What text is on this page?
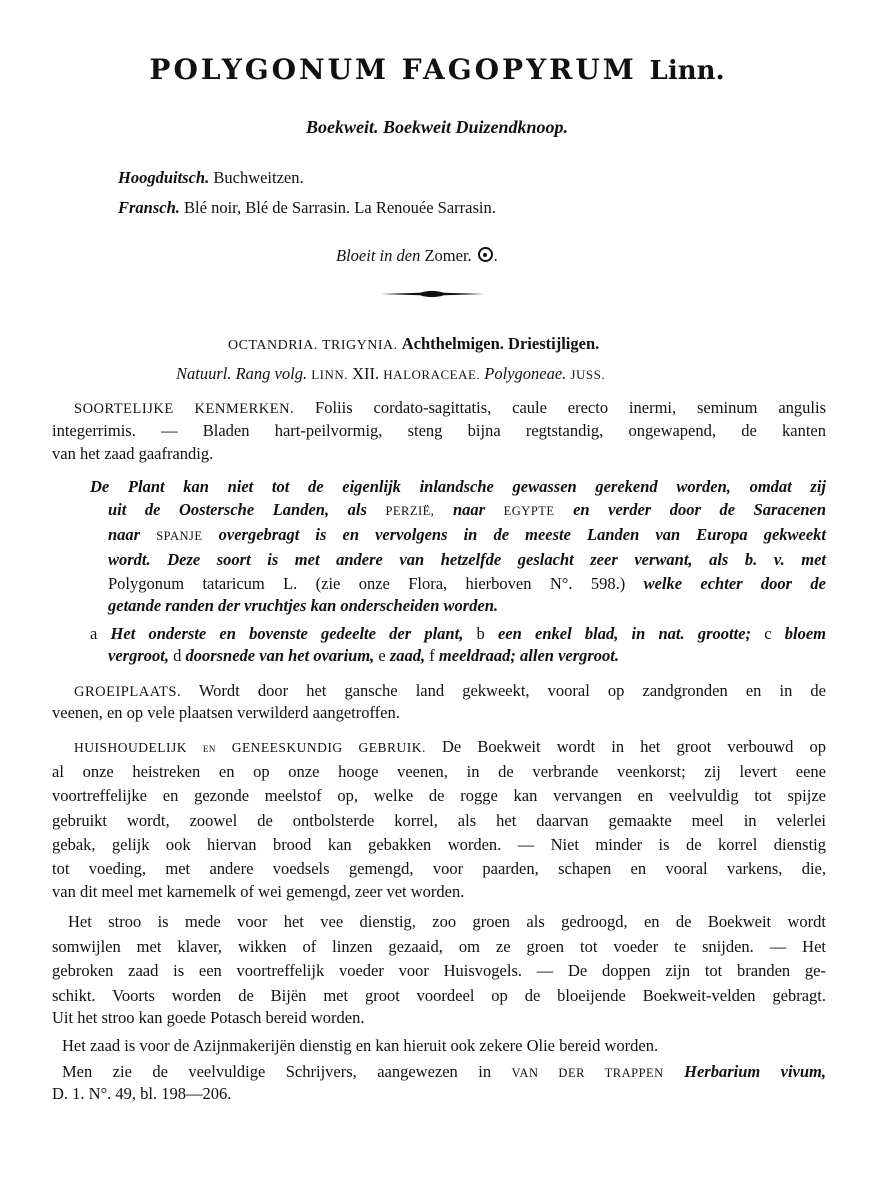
POLYGONUM FAGOPYRUM Linn.
Boekweit. Boekweit Duizendknoop.
Hoogduitsch. Buchweitzen.
Fransch. Blé noir, Blé de Sarrasin. La Renouée Sarrasin.
Bloeit in den Zomer. .
OCTANDRIA. TRIGYNIA. Achthelmigen. Driestijligen.
Natuurl. Rang volg. LINN. XII. HALORACEAE. Polygoneae. JUSS.
SOORTELIJKE KENMERKEN. Foliis cordato-sagittatis, caule erecto inermi, seminum angulis
integerrimis. — Bladen hart-peilvormig, steng bijna regtstandig, ongewapend, de kanten
van het zaad gaafrandig.
De Plant kan niet tot de eigenlijk inlandsche gewassen gerekend worden, omdat zij
uit de Oostersche Landen, als PERZIË, naar EGYPTE en verder door de Saracenen
naar SPANJE overgebragt is en vervolgens in de meeste Landen van Europa gekweekt
wordt. Deze soort is met andere van hetzelfde geslacht zeer verwant, als b. v. met
Polygonum tataricum L. (zie onze Flora, hierboven N°. 598.) welke echter door de
getande randen der vruchtjes kan onderscheiden worden.
a Het onderste en bovenste gedeelte der plant, b een enkel blad, in nat. grootte; c bloem
vergroot, d doorsnede van het ovarium, e zaad, f meeldraad; allen vergroot.
GROEIPLAATS. Wordt door het gansche land gekweekt, vooral op zandgronden en in de
veenen, en op vele plaatsen verwilderd aangetroffen.
HUISHOUDELIJK en GENEESKUNDIG GEBRUIK. De Boekweit wordt in het groot verbouwd op
al onze heistreken en op onze hooge veenen, in de verbrande veenkorst; zij levert eene
voortreffelijke en gezonde meelstof op, welke de rogge kan vervangen en veelvuldig tot spijze
gebruikt wordt, zoowel de ontbolsterde korrel, als het daarvan gemaakte meel in velerlei
gebak, gelijk ook hiervan brood kan gebakken worden. — Niet minder is de korrel dienstig
tot voeding, met andere voedsels gemengd, voor paarden, schapen en vooral varkens, die,
van dit meel met karnemelk of wei gemengd, zeer vet worden.
Het stroo is mede voor het vee dienstig, zoo groen als gedroogd, en de Boekweit wordt
somwijlen met klaver, wikken of linzen gezaaid, om ze groen tot voeder te snijden. — Het
gebroken zaad is een voortreffelijk voeder voor Huisvogels. — De doppen zijn tot branden ge-
schikt. Voorts worden de Bijën met groot voordeel op de bloeijende Boekweit-velden gebragt.
Uit het stroo kan goede Potasch bereid worden.
Het zaad is voor de Azijnmakerijën dienstig en kan hieruit ook zekere Olie bereid worden.
Men zie de veelvuldige Schrijvers, aangewezen in VAN DER TRAPPEN Herbarium vivum,
D. 1. N°. 49, bl. 198—206.
